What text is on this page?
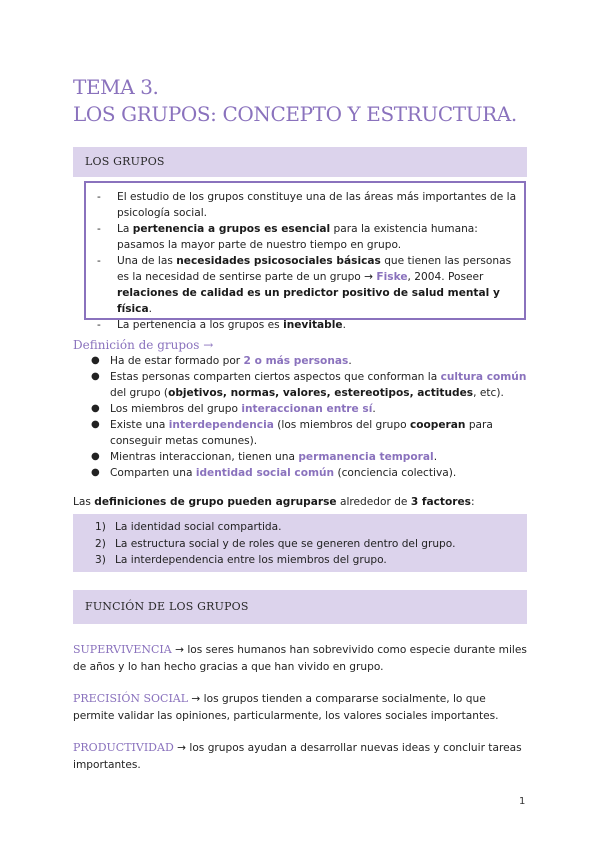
TEMA 3.
LOS GRUPOS: CONCEPTO Y ESTRUCTURA.
LOS GRUPOS
- El estudio de los grupos constituye una de las áreas más importantes de la psicología social.
- La pertenencia a grupos es esencial para la existencia humana: pasamos la mayor parte de nuestro tiempo en grupo.
- Una de las necesidades psicosociales básicas que tienen las personas es la necesidad de sentirse parte de un grupo → Fiske, 2004. Poseer relaciones de calidad es un predictor positivo de salud mental y física.
- La pertenencia a los grupos es inevitable.
Definición de grupos →
● Ha de estar formado por 2 o más personas.
● Estas personas comparten ciertos aspectos que conforman la cultura común del grupo (objetivos, normas, valores, estereotipos, actitudes, etc).
● Los miembros del grupo interaccionan entre sí.
● Existe una interdependencia (los miembros del grupo cooperan para conseguir metas comunes).
● Mientras interaccionan, tienen una permanencia temporal.
● Comparten una identidad social común (conciencia colectiva).
Las definiciones de grupo pueden agruparse alrededor de 3 factores:
1) La identidad social compartida.
2) La estructura social y de roles que se generen dentro del grupo.
3) La interdependencia entre los miembros del grupo.
FUNCIÓN DE LOS GRUPOS
SUPERVIVENCIA → los seres humanos han sobrevivido como especie durante miles de años y lo han hecho gracias a que han vivido en grupo.
PRECISIÓN SOCIAL → los grupos tienden a compararse socialmente, lo que permite validar las opiniones, particularmente, los valores sociales importantes.
PRODUCTIVIDAD → los grupos ayudan a desarrollar nuevas ideas y concluir tareas importantes.
1
